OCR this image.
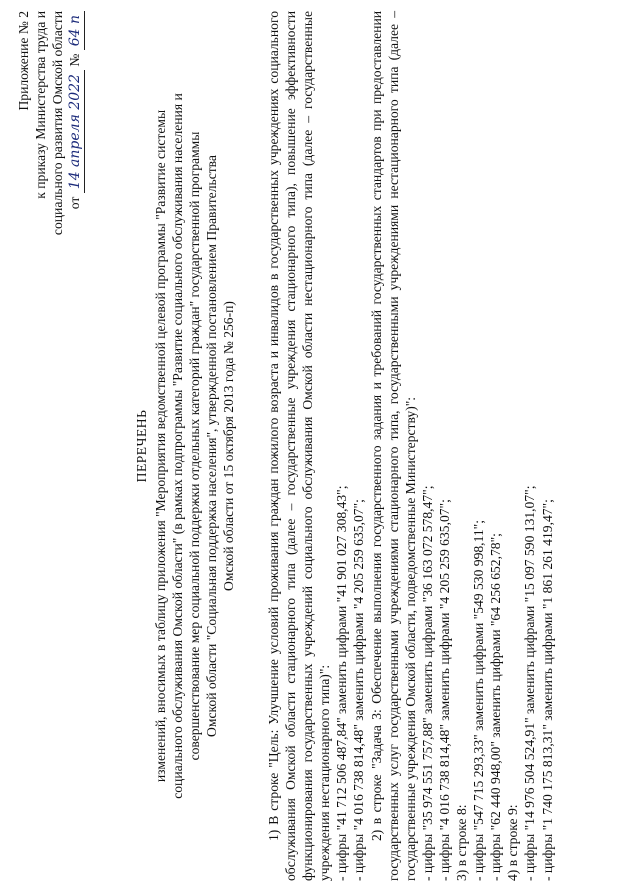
Приложение № 2 к приказу Министерства труда и социального развития Омской области от 14 апреля 2022 № 64 п
ПЕРЕЧЕНЬ изменений, вносимых в таблицу приложения "Мероприятия ведомственной целевой программы "Развитие системы социального обслуживания Омской области" (в рамках подпрограммы "Развитие социального обслуживания населения и совершенствование мер социальной поддержки отдельных категорий граждан" государственной программы Омской области "Социальная поддержка населения", утвержденной постановлением Правительства Омской области от 15 октября 2013 года № 256-п) 1) В строке "Цель: Улучшение условий проживания граждан пожилого возраста и инвалидов в государственных учреждениях социального обслуживания Омской области стационарного типа (далее – государственные учреждения стационарного типа), повышение эффективности функционирования государственных учреждений социального обслуживания Омской области нестационарного типа (далее – государственные учреждения нестационарного типа)": - цифры "41 712 506 487,84" заменить цифрами "41 901 027 308,43"; - цифры "4 016 738 814,48" заменить цифрами "4 205 259 635,07"; 2) в строке "Задача 3: Обеспечение выполнения государственного задания и требований государственных стандартов при предоставлении государственных услуг государственными учреждениями стационарного типа, государственными учреждениями нестационарного типа (далее – государственные учреждения Омской области, подведомственные Министерству)": - цифры "35 974 551 757,88" заменить цифрами "36 163 072 578,47"; - цифры "4 016 738 814,48" заменить цифрами "4 205 259 635,07"; 3) в строке 8: - цифры "547 715 293,33" заменить цифрами "549 530 998,11"; - цифры "62 440 948,00" заменить цифрами "64 256 652,78"; 4) в строке 9: - цифры "14 976 504 524,91" заменить цифрами "15 097 590 131,07"; - цифры "1 740 175 813,31" заменить цифрами "1 861 261 419,47";
